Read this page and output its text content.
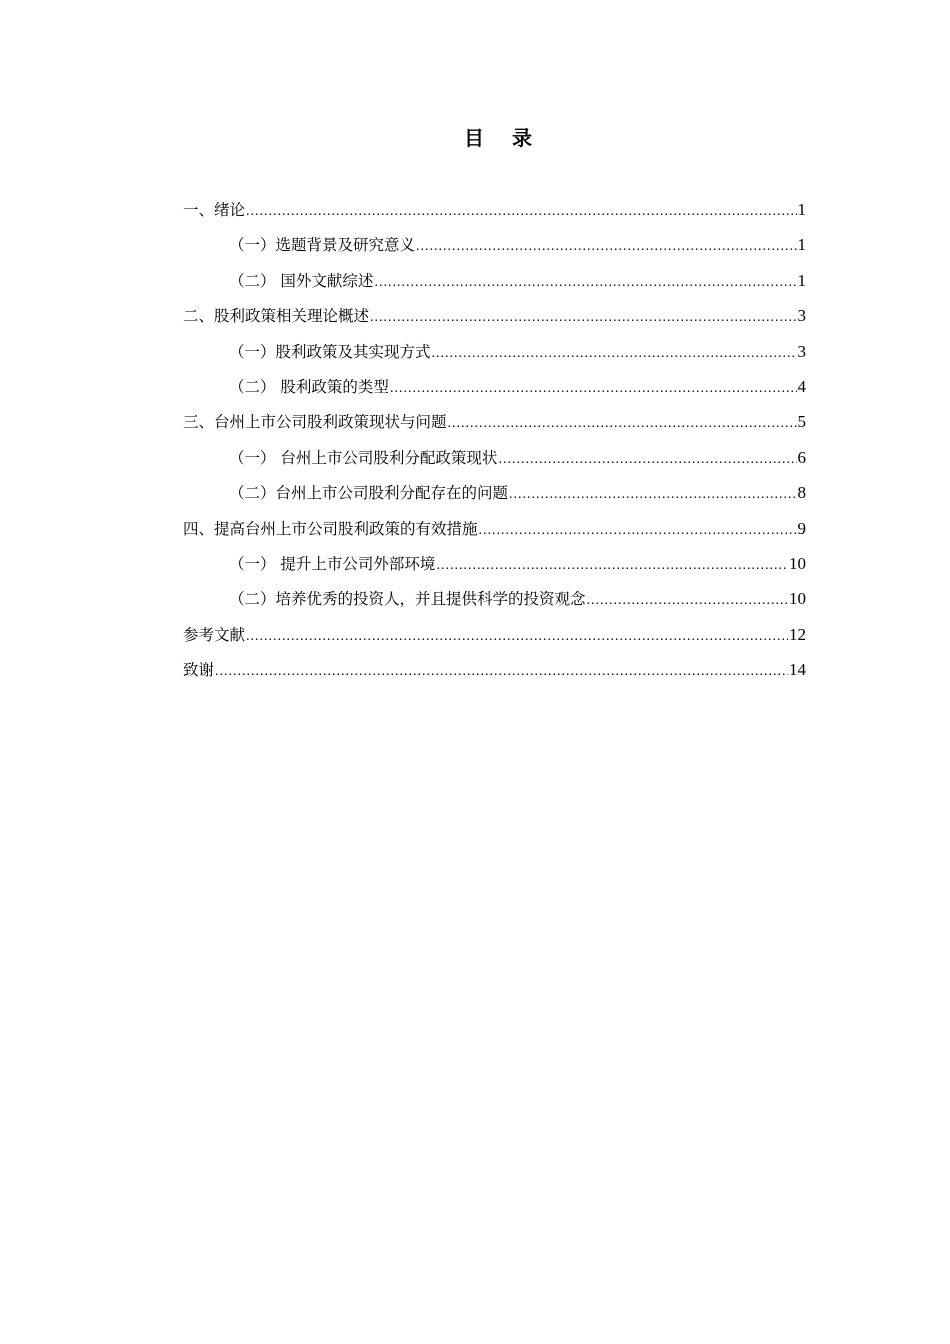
目　录
一、绪论 .....	1
（一）选题背景及研究意义 .....	1
（二） 国外文献综述 .....	1
二、股利政策相关理论概述 .....	3
（一）股利政策及其实现方式 .....	3
（二） 股利政策的类型 .....	4
三、台州上市公司股利政策现状与问题 .....	5
（一） 台州上市公司股利分配政策现状 .....	6
（二）台州上市公司股利分配存在的问题 .....	8
四、提高台州上市公司股利政策的有效措施 .....	9
（一） 提升上市公司外部环境 .....	10
（二）培养优秀的投资人，并且提供科学的投资观念 .....	10
参考文献 .....	12
致谢 .....	14
